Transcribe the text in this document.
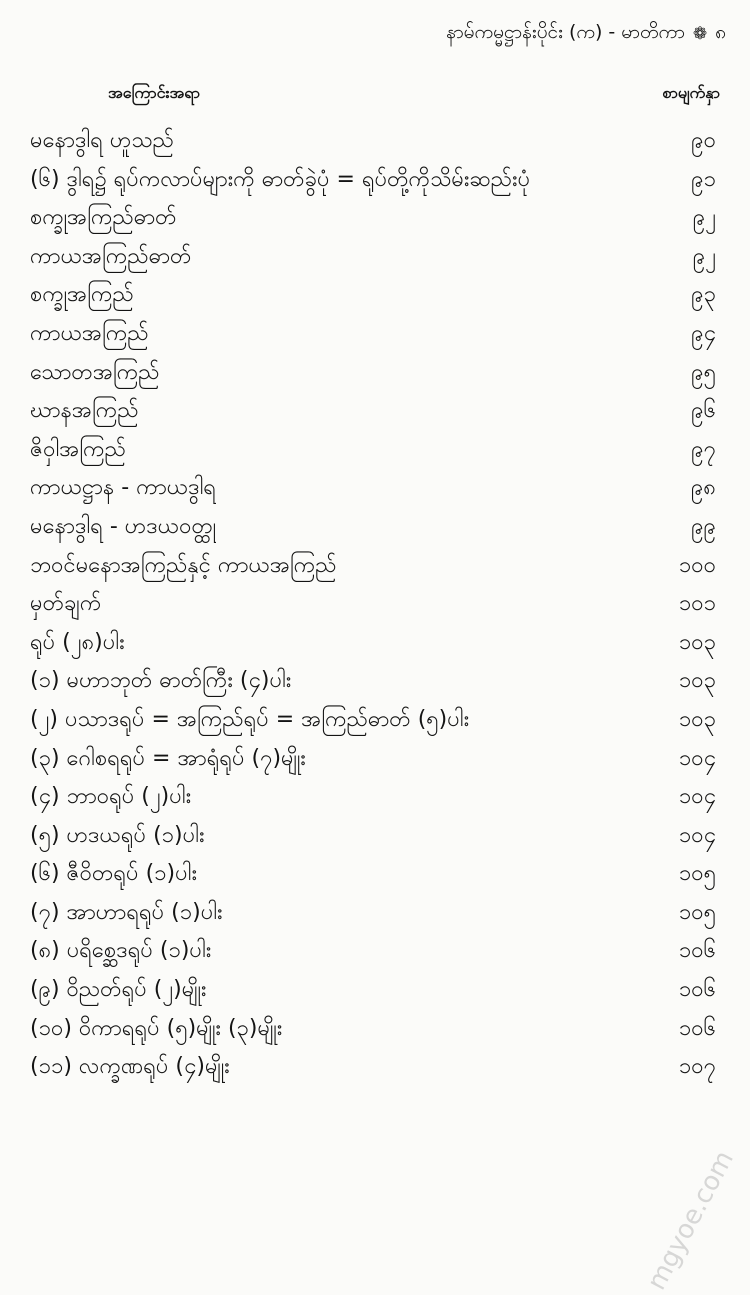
နာမ်ကမ္မဋ္ဌာန်းပိုင်း (က) - မာတိကာ ❁ ၈
အကြောင်းအရာ	စာမျက်နှာ
မနောဒွါရ ဟူသည်	၉၀
(၆) ဒွါရ၌ ရုပ်ကလာပ်များကို ဓာတ်ခွဲပုံ = ရုပ်တို့ကိုသိမ်းဆည်းပုံ	၉၁
စက္ခုအကြည်ဓာတ်	၉၂
ကာယအကြည်ဓာတ်	၉၂
စက္ခုအကြည်	၉၃
ကာယအကြည်	၉၄
သောတအကြည်	၉၅
ဃာနအကြည်	၉၆
ဇိဝှါအကြည်	၉၇
ကာယဋ္ဌာန - ကာယဒွါရ	၉၈
မနောဒွါရ - ဟဒယဝတ္ထု	၉၉
ဘဝင်မနောအကြည်နှင့် ကာယအကြည်	၁၀၀
မှတ်ချက်	၁၀၁
ရုပ် (၂၈)ပါး	၁၀၃
(၁) မဟာဘုတ် ဓာတ်ကြီး (၄)ပါး	၁၀၃
(၂) ပသာဒရုပ် = အကြည်ရုပ် = အကြည်ဓာတ် (၅)ပါး	၁၀၃
(၃) ဂေါစရရုပ် = အာရုံရုပ် (၇)မျိုး	၁၀၄
(၄) ဘာဝရုပ် (၂)ပါး	၁၀၄
(၅) ဟဒယရုပ် (၁)ပါး	၁၀၄
(၆) ဇီဝိတရုပ် (၁)ပါး	၁၀၅
(၇) အာဟာရရုပ် (၁)ပါး	၁၀၅
(၈) ပရိစ္ဆေဒရုပ် (၁)ပါး	၁၀၆
(၉) ဝိညတ်ရုပ် (၂)မျိုး	၁၀၆
(၁၀) ဝိကာရရုပ် (၅)မျိုး (၃)မျိုး	၁၀၆
(၁၁) လက္ခဏရုပ် (၄)မျိုး	၁၀၇
mgyoe.com
